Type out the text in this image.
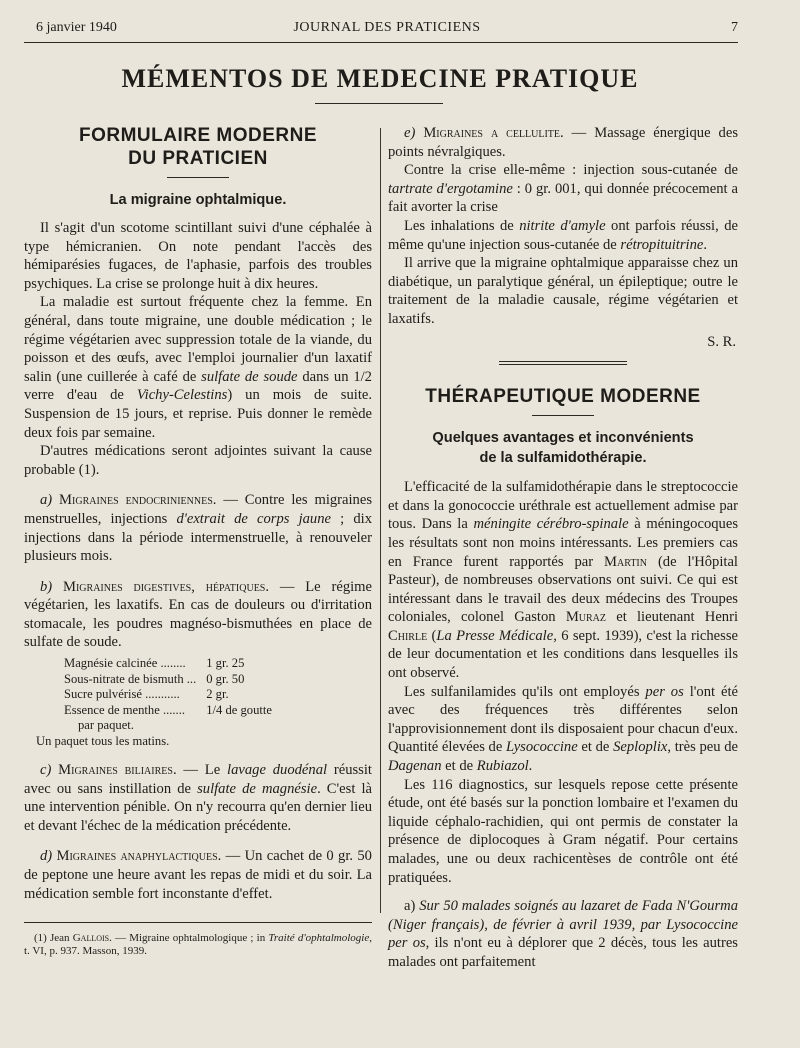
6 janvier 1940	JOURNAL DES PRATICIENS	7
MÉMENTOS DE MEDECINE PRATIQUE
FORMULAIRE MODERNE
DU PRATICIEN
La migraine ophtalmique.

Il s'agit d'un scotome scintillant suivi d'une céphalée à type hémicranien. On note pendant l'accès des hémiparésies fugaces, de l'aphasie, parfois des troubles psychiques. La crise se prolonge huit à dix heures.

La maladie est surtout fréquente chez la femme. En général, dans toute migraine, une double médication ; le régime végétarien avec suppression totale de la viande, du poisson et des œufs, avec l'emploi journalier d'un laxatif salin (une cuillerée à café de sulfate de soude dans un 1/2 verre d'eau de Vichy-Celestins) un mois de suite. Suspension de 15 jours, et reprise. Puis donner le remède deux fois par semaine.

D'autres médications seront adjointes suivant la cause probable (1).

a) Migraines endocriniennes. — Contre les migraines menstruelles, injections d'extrait de corps jaune ; dix injections dans la période intermenstruelle, à renouveler plusieurs mois.

b) Migraines digestives, hépatiques. — Le régime végétarien, les laxatifs. En cas de douleurs ou d'irritation stomacale, les poudres magnéso-bismuthées en place de sulfate de soude.

Magnésie calcinée ........	1 gr. 25
Sous-nitrate de bismuth ...	0 gr. 50
Sucre pulvérisé ...........	2 gr.
Essence de menthe .......	1/4 de goutte
par paquet.
Un paquet tous les matins.

c) Migraines biliaires. — Le lavage duodénal réussit avec ou sans instillation de sulfate de magnésie. C'est là une intervention pénible. On n'y recourra qu'en dernier lieu et devant l'échec de la médication précédente.

d) Migraines anaphylactiques. — Un cachet de 0 gr. 50 de peptone une heure avant les repas de midi et du soir. La médication semble fort inconstante d'effet.

(1) Jean Gallois. — Migraine ophtalmologique ; in Traité d'ophtalmologie, t. VI, p. 937. Masson, 1939.

e) Migraines a cellulite. — Massage énergique des points névralgiques.

Contre la crise elle-même : injection sous-cutanée de tartrate d'ergotamine : 0 gr. 001, qui donnée précocement a fait avorter la crise

Les inhalations de nitrite d'amyle ont parfois réussi, de même qu'une injection sous-cutanée de rétropituitrine.

Il arrive que la migraine ophtalmique apparaisse chez un diabétique, un paralytique général, un épileptique; outre le traitement de la maladie causale, régime végétarien et laxatifs.

S. R.
THÉRAPEUTIQUE MODERNE
Quelques avantages et inconvénients
de la sulfamidothérapie.

L'efficacité de la sulfamidothérapie dans le streptococcie et dans la gonococcie uréthrale est actuellement admise par tous. Dans la méningite cérébro-spinale à méningocoques les résultats sont non moins intéressants. Les premiers cas en France furent rapportés par Martin (de l'Hôpital Pasteur), de nombreuses observations ont suivi. Ce qui est intéressant dans le travail des deux médecins des Troupes coloniales, colonel Gaston Muraz et lieutenant Henri Chirle (La Presse Médicale, 6 sept. 1939), c'est la richesse de leur documentation et les conditions dans lesquelles ils ont observé.

Les sulfanilamides qu'ils ont employés per os l'ont été avec des fréquences très différentes selon l'approvisionnement dont ils disposaient pour chacun d'eux. Quantité élevées de Lysococcine et de Seploplix, très peu de Dagenan et de Rubiazol.

Les 116 diagnostics, sur lesquels repose cette présente étude, ont été basés sur la ponction lombaire et l'examen du liquide céphalo-rachidien, qui ont permis de constater la présence de diplocoques à Gram négatif. Pour certains malades, une ou deux rachicentèses de contrôle ont été pratiquées.

a) Sur 50 malades soignés au lazaret de Fada N'Gourma (Niger français), de février à avril 1939, par Lysococcine per os, ils n'ont eu à déplorer que 2 décès, tous les autres malades ont parfaitement
